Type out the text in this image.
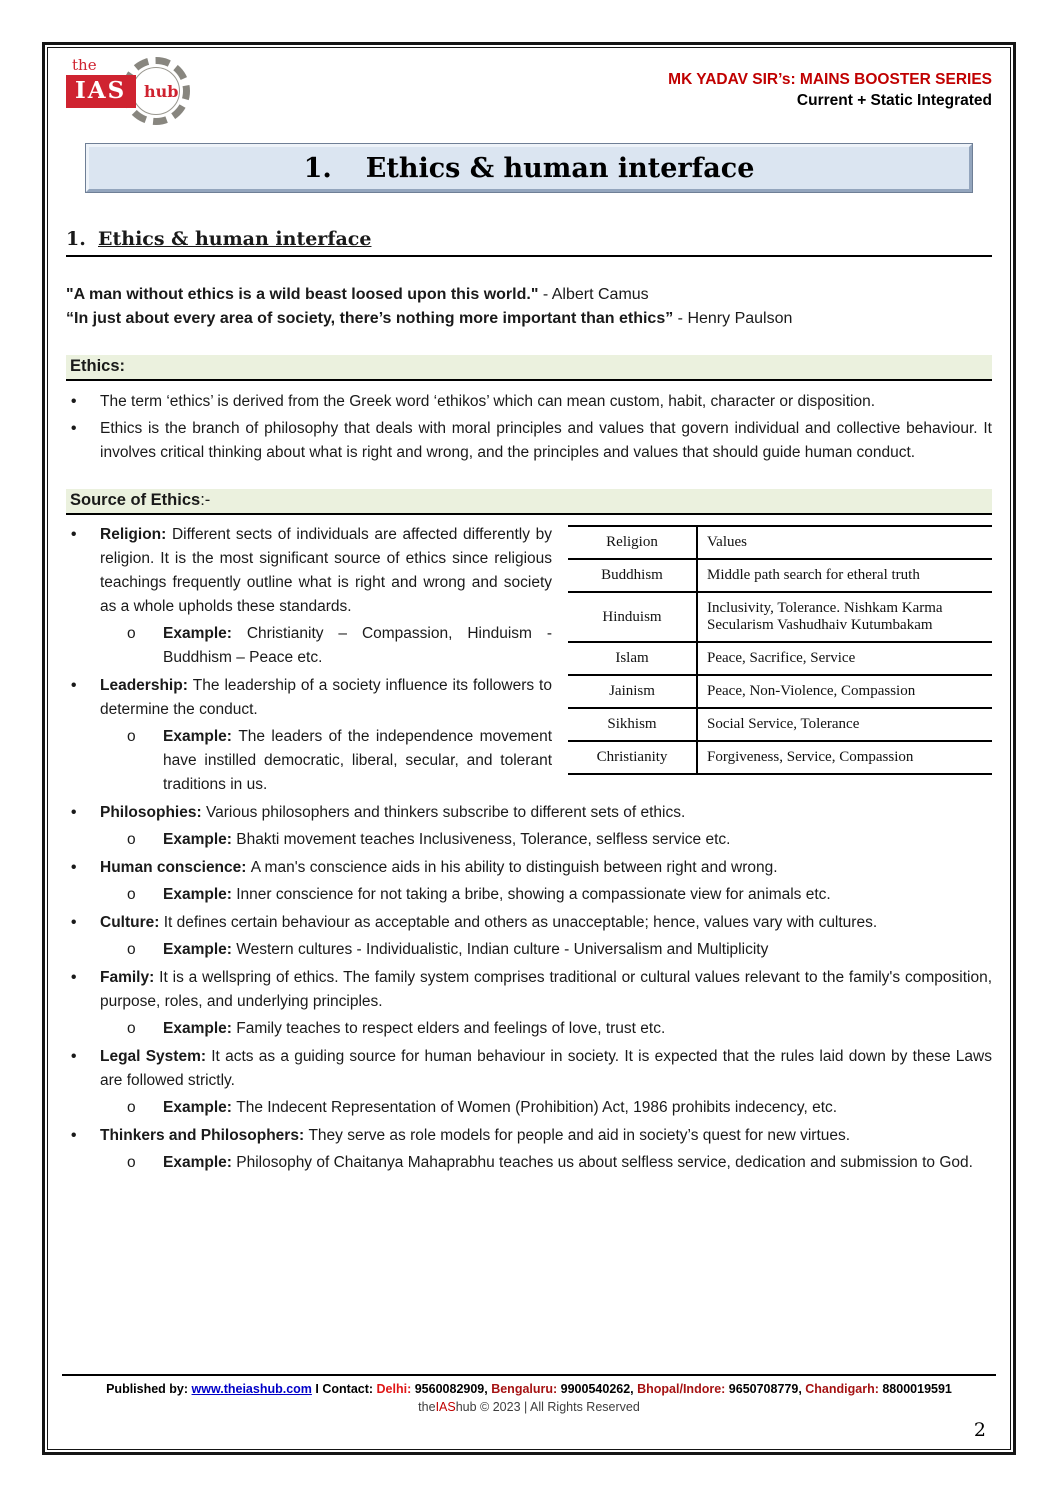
the
IAS	hub
MK YADAV SIR’s: MAINS BOOSTER SERIES
Current + Static Integrated
1. Ethics & human interface
1. Ethics & human interface
"A man without ethics is a wild beast loosed upon this world." - Albert Camus
“In just about every area of society, there’s nothing more important than ethics” - Henry Paulson
Ethics:
• The term ‘ethics’ is derived from the Greek word ‘ethikos’ which can mean custom, habit, character or disposition.
• Ethics is the branch of philosophy that deals with moral principles and values that govern individual and collective behaviour. It involves critical thinking about what is right and wrong, and the principles and values that should guide human conduct.
Source of Ethics:-
Religion	Values
Buddhism	Middle path search for etheral truth
Hinduism	Inclusivity, Tolerance. Nishkam Karma Secularism Vashudhaiv Kutumbakam
Islam	Peace, Sacrifice, Service
Jainism	Peace, Non-Violence, Compassion
Sikhism	Social Service, Tolerance
Christianity	Forgiveness, Service, Compassion
• Religion: Different sects of individuals are affected differently by religion. It is the most significant source of ethics since religious teachings frequently outline what is right and wrong and society as a whole upholds these standards.
o Example: Christianity – Compassion, Hinduism - Buddhism – Peace etc.
• Leadership: The leadership of a society influence its followers to determine the conduct.
o Example: The leaders of the independence movement have instilled democratic, liberal, secular, and tolerant traditions in us.
• Philosophies: Various philosophers and thinkers subscribe to different sets of ethics.
o Example: Bhakti movement teaches Inclusiveness, Tolerance, selfless service etc.
• Human conscience: A man's conscience aids in his ability to distinguish between right and wrong.
o Example: Inner conscience for not taking a bribe, showing a compassionate view for animals etc.
• Culture: It defines certain behaviour as acceptable and others as unacceptable; hence, values vary with cultures.
o Example: Western cultures - Individualistic, Indian culture - Universalism and Multiplicity
• Family: It is a wellspring of ethics. The family system comprises traditional or cultural values relevant to the family's composition, purpose, roles, and underlying principles.
o Example: Family teaches to respect elders and feelings of love, trust etc.
• Legal System: It acts as a guiding source for human behaviour in society. It is expected that the rules laid down by these Laws are followed strictly.
o Example: The Indecent Representation of Women (Prohibition) Act, 1986 prohibits indecency, etc.
• Thinkers and Philosophers: They serve as role models for people and aid in society’s quest for new virtues.
o Example: Philosophy of Chaitanya Mahaprabhu teaches us about selfless service, dedication and submission to God.
Published by: www.theiashub.com I Contact: Delhi: 9560082909, Bengaluru: 9900540262, Bhopal/Indore: 9650708779, Chandigarh: 8800019591
theIAShub © 2023 | All Rights Reserved
2
